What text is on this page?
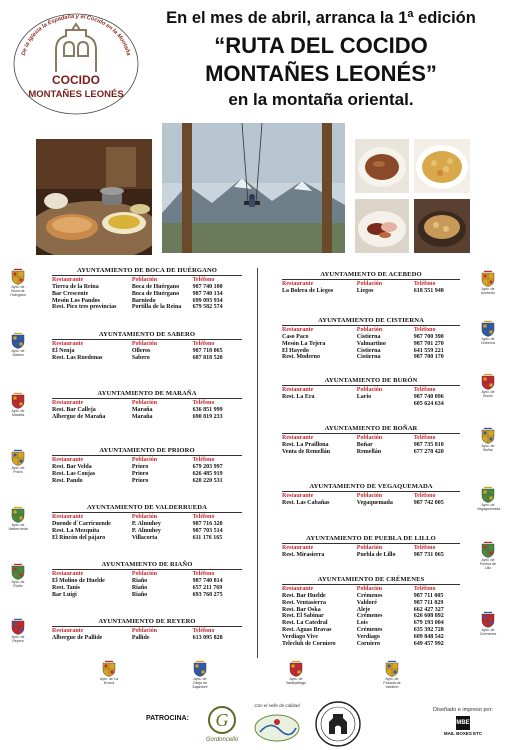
De la Iglesia la Espadaña y el Cocido en la Montaña
COCIDO
MONTAÑES LEONÉS
En el mes de abril, arranca la 1ª edición
“RUTA DEL COCIDO
MONTAÑES LEONÉS”
en la montaña oriental.
AYUNTAMIENTO DE BOCA DE HUÉRGANO
Restaurante	Población	Teléfono
Tierra de la Reina	Boca de Huérgano	987 740 100
Bar Crescente	Boca de Huérgano	987 740 134
Mesón Los Pandos	Barniedo	699 093 934
Rest. Pico tres provincias	Portilla de la Reina	679 582 574
AYUNTAMIENTO DE SABERO
Restaurante	Población	Teléfono
El Nenja	Olleros	987 718 065
Rest. Las Ruedonas	Sabero	687 818 520
AYUNTAMIENTO DE MARAÑA
Restaurante	Población	Teléfono
Rest. Bar Calleja	Maraña	636 851 999
Albergue de Maraña	Maraña	690 819 233
AYUNTAMIENTO DE PRIORO
Restaurante	Población	Teléfono
Rest. Bar Velda	Prioro	679 203 997
Rest. Las Conjas	Prioro	626 485 919
Rest. Pando	Prioro	620 220 531
AYUNTAMIENTO DE VALDERRUEDA
Restaurante	Población	Teléfono
Duende d´Carricuende	P. Almuhey	987 716 320
Rest. La Mezquita	P. Almuhey	987 703 514
El Rincón del pájaro	Villacorta	611 176 165
AYUNTAMIENTO DE RIAÑO
Restaurante	Población	Teléfono
El Molino de Huelde	Riaño	987 740 814
Rest. Tanis	Riaño	657 211 769
Bar Luigi	Riaño	693 768 275
AYUNTAMIENTO DE REYERO
Restaurante	Población	Teléfono
Albergue de Pallide	Pallide	613 095 828
AYUNTAMIENTO DE ACEBEDO
Restaurante	Población	Teléfono
La Bolera de Liegos	Liegos	618 551 948
AYUNTAMIENTO DE CISTIERNA
Restaurante	Población	Teléfono
Caso Paco	Cistierna	987 700 390
Mesón La Tejera	Valmartino	987 701 270
El Hayedo	Cistierna	641 559 221
Rest. Moderno	Cistierna	987 700 170
AYUNTAMIENTO DE BURÓN
Restaurante	Población	Teléfono
Rest. La Era	Lario	987 740 096
		605 624 634
AYUNTAMIENTO DE BOÑAR
Restaurante	Población	Teléfono
Rest. La Praillona	Boñar	987 735 810
Venta de Remellán	Remellán	677 278 420
AYUNTAMIENTO DE VEGAQUEMADA
Restaurante	Población	Teléfono
Rest. Las Cabañas	Vegaquemada	987 742 005
AYUNTAMIENTO DE PUEBLA DE LILLO
Restaurante	Población	Teléfono
Rest. Mirasierra	Puebla de Lillo	987 731 065
AYUNTAMIENTO DE CRÉMENES
Restaurante	Población	Teléfono
Rest. Bar Huelde	Crémenes	987 711 005
Rest. Ventasierra	Valdoré	987 711 029
Rest. Bar Oska	Aleje	662 427 327
Rest. El Sabinar	Crémenes	626 608 892
Rest. La Catedral	Lois	679 193 004
Rest. Aguas Bravas	Crémenes	635 392 728
Verdiago Vive	Verdiago	609 848 542
Telecluh de Corniero	Corniero	649 457 992
Ayto. de Boca de Huérgano
Ayto. de Sabero
Ayto. de Maraña
Ayto. de Prioro
Ayto. de Valderrueda
Ayto. de Riaño
Ayto. de Reyero
Ayto. de Acebedo
Ayto. de Cistierna
Ayto. de Burón
Ayto. de Boñar
Ayto. de Vegaquemada
Ayto. de Puebla de Lillo
Ayto. de Crémenes
Ayto. de La Ercina
Ayto. de Oseja de Sajambre
Ayto. de Valdepiélago
Ayto. de Posada de Valdeón
PATROCINA: G
Gordoncello
Con el sello de calidad
Diseñado e impreso por:
MBE
MAIL BOXES ETC
